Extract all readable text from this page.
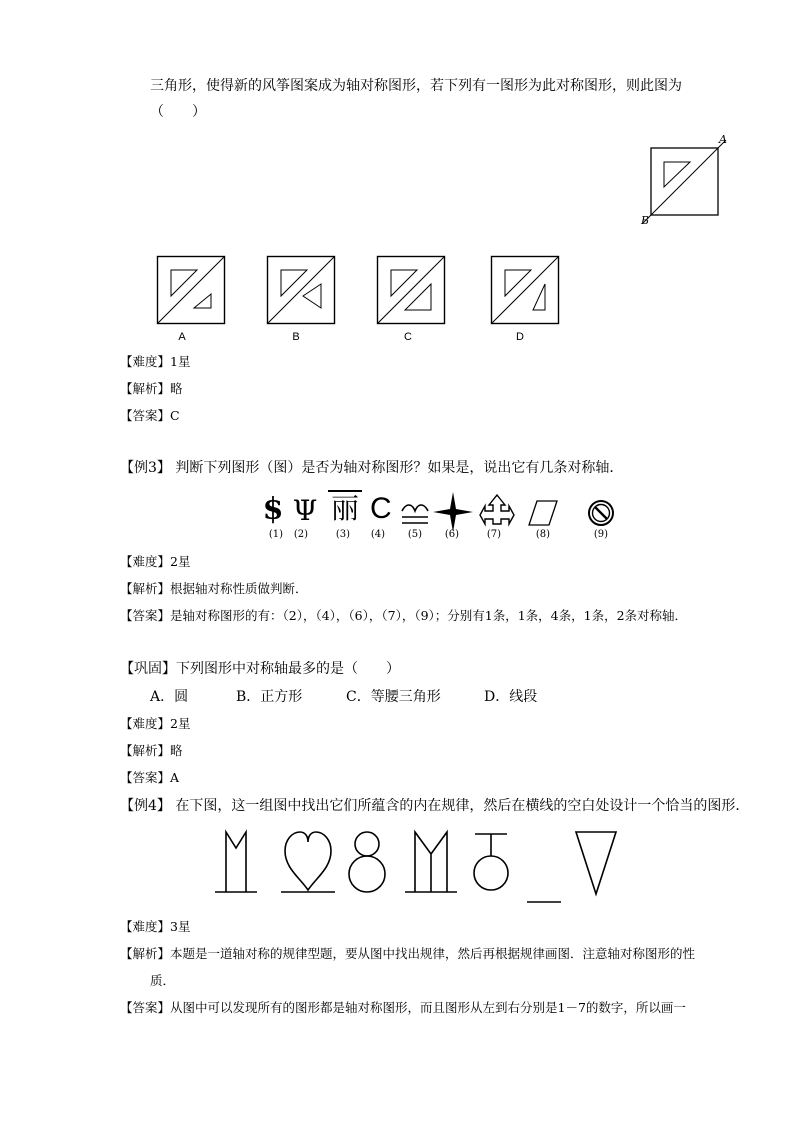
三角形，使得新的风筝图案成为轴对称图形，若下列有一图形为此对称图形，则此图为
（　　）
A
B
A	B	C	D
【难度】1星
【解析】略
【答案】C
【例3】 判断下列图形（图）是否为轴对称图形？如果是，说出它有几条对称轴．
$ Ψ 丽 C
(1)	(2)	(3)	(4)	(5)	(6)	(7)	(8)	(9)
【难度】2星
【解析】根据轴对称性质做判断．
【答案】是轴对称图形的有：（2），（4），（6），（7），（9）；分别有1条，1条，4条，1条，2条对称轴．
【巩固】下列图形中对称轴最多的是（　　）
A．圆	B．正方形	C．等腰三角形	D．线段
【难度】2星
【解析】略
【答案】A
【例4】 在下图，这一组图中找出它们所蕴含的内在规律，然后在横线的空白处设计一个恰当的图形．
【难度】3星
【解析】本题是一道轴对称的规律型题，要从图中找出规律，然后再根据规律画图．注意轴对称图形的性
质．
【答案】从图中可以发现所有的图形都是轴对称图形，而且图形从左到右分别是1－7的数字，所以画一
